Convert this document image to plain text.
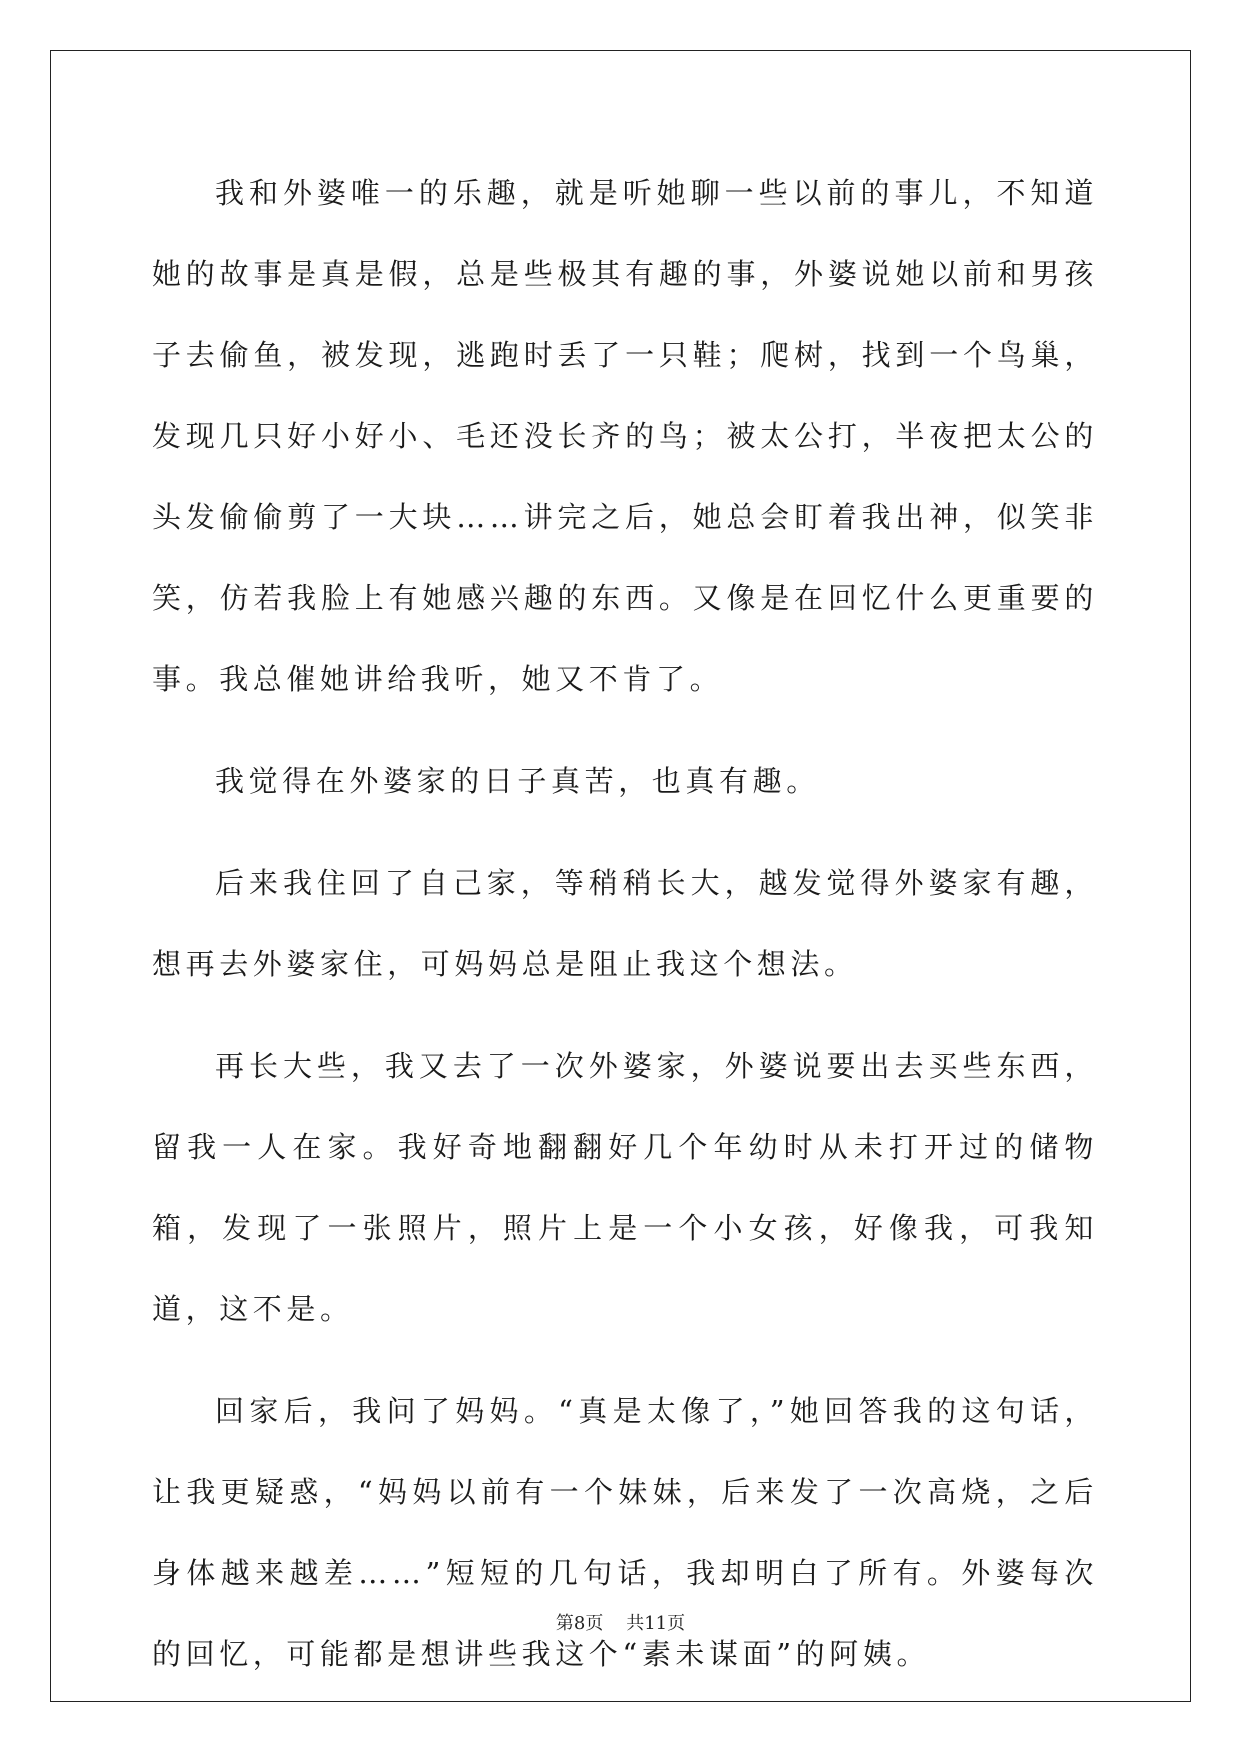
我和外婆唯一的乐趣，就是听她聊一些以前的事儿，不知道她的故事是真是假，总是些极其有趣的事，外婆说她以前和男孩子去偷鱼，被发现，逃跑时丢了一只鞋；爬树，找到一个鸟巢，发现几只好小好小、毛还没长齐的鸟；被太公打，半夜把太公的头发偷偷剪了一大块……讲完之后，她总会盯着我出神，似笑非笑，仿若我脸上有她感兴趣的东西。又像是在回忆什么更重要的事。我总催她讲给我听，她又不肯了。

我觉得在外婆家的日子真苦，也真有趣。

后来我住回了自己家，等稍稍长大，越发觉得外婆家有趣，想再去外婆家住，可妈妈总是阻止我这个想法。

再长大些，我又去了一次外婆家，外婆说要出去买些东西，留我一人在家。我好奇地翻翻好几个年幼时从未打开过的储物箱，发现了一张照片，照片上是一个小女孩，好像我，可我知道，这不是。

回家后，我问了妈妈。“真是太像了，”她回答我的这句话，让我更疑惑，“妈妈以前有一个妹妹，后来发了一次高烧，之后身体越来越差……”短短的几句话，我却明白了所有。外婆每次的回忆，可能都是想讲些我这个“素未谋面”的阿姨。

第8页 共11页
